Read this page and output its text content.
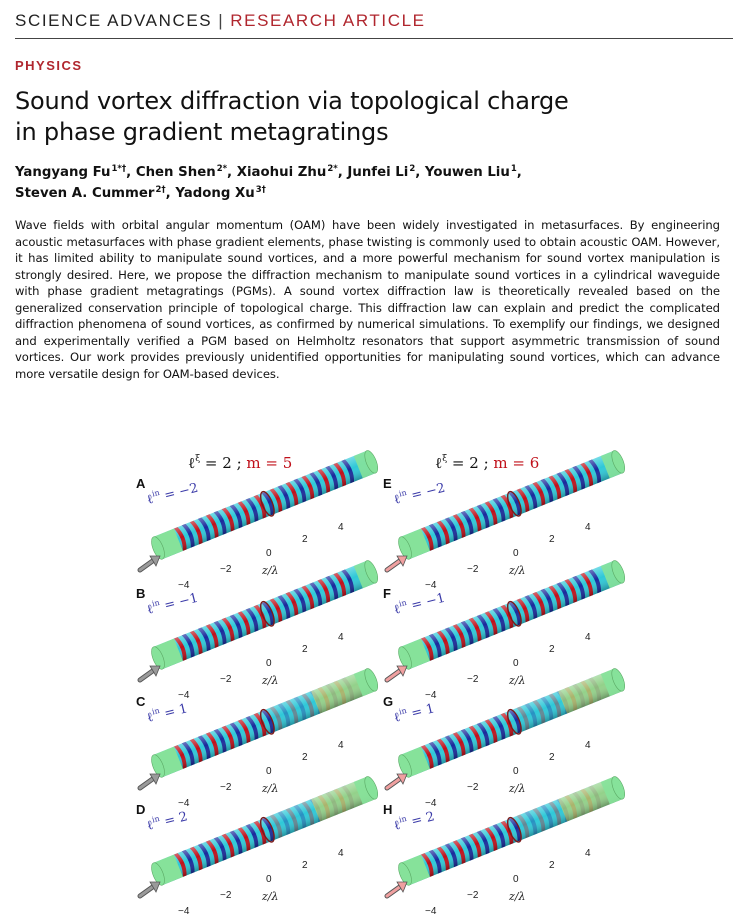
SCIENCE ADVANCES | RESEARCH ARTICLE
PHYSICS
Sound vortex diffraction via topological charge
in phase gradient metagratings
Yangyang $Fu^{1*\dagger}$, Chen Shen$^{2*}$, Xiaohui Zhu$^{2*}$, Junfei Li$^2$, Youwen Liu$^1$,
Steven A. Cummer$^{2\dagger}$, Yadong $Xu^{3\dagger}$
Wave fields with orbital angular momentum (OAM) have been widely investigated in metasurfaces. By engineering acoustic metasurfaces with phase gradient elements, phase twisting is commonly used to obtain acoustic OAM. However, it has limited ability to manipulate sound vortices, and a more powerful mechanism for sound vortex manipulation is strongly desired. Here, we propose the diffraction mechanism to manipulate sound vortices in a cylindrical waveguide with phase gradient metagratings (PGMs). A sound vortex diffraction law is theoretically revealed based on the generalized conservation principle of topological charge. This diffraction law can explain and predict the complicated diffraction phenomena of sound vortices, as confirmed by numerical simulations. To exemplify our findings, we designed and experimentally verified a PGM based on Helmholtz resonators that support asymmetric transmission of sound vortices. Our work provides previously unidentified opportunities for manipulating sound vortices, which can advance more versatile design for OAM-based devices.
ℓ$^\xi$ = 2 ; m = 5	ℓ$^\xi$ = 2 ; m = 6
A
ℓ$^{in}$ = −2
−4
−2
0
2
4
z/λ
B
ℓ$^{in}$ = −1
−4
−2
0
2
4
z/λ
C
ℓ$^{in}$ = 1
−4
−2
0
2
4
z/λ
D
ℓ$^{in}$ = 2
−4
−2
0
2
4
z/λ
E
ℓ$^{in}$ = −2
−4
−2
0
2
4
z/λ
F
ℓ$^{in}$ = −1
−4
−2
0
2
4
z/λ
G
ℓ$^{in}$ = 1
−4
−2
0
2
4
z/λ
H
ℓ$^{in}$ = 2
−4
−2
0
2
4
z/λ
